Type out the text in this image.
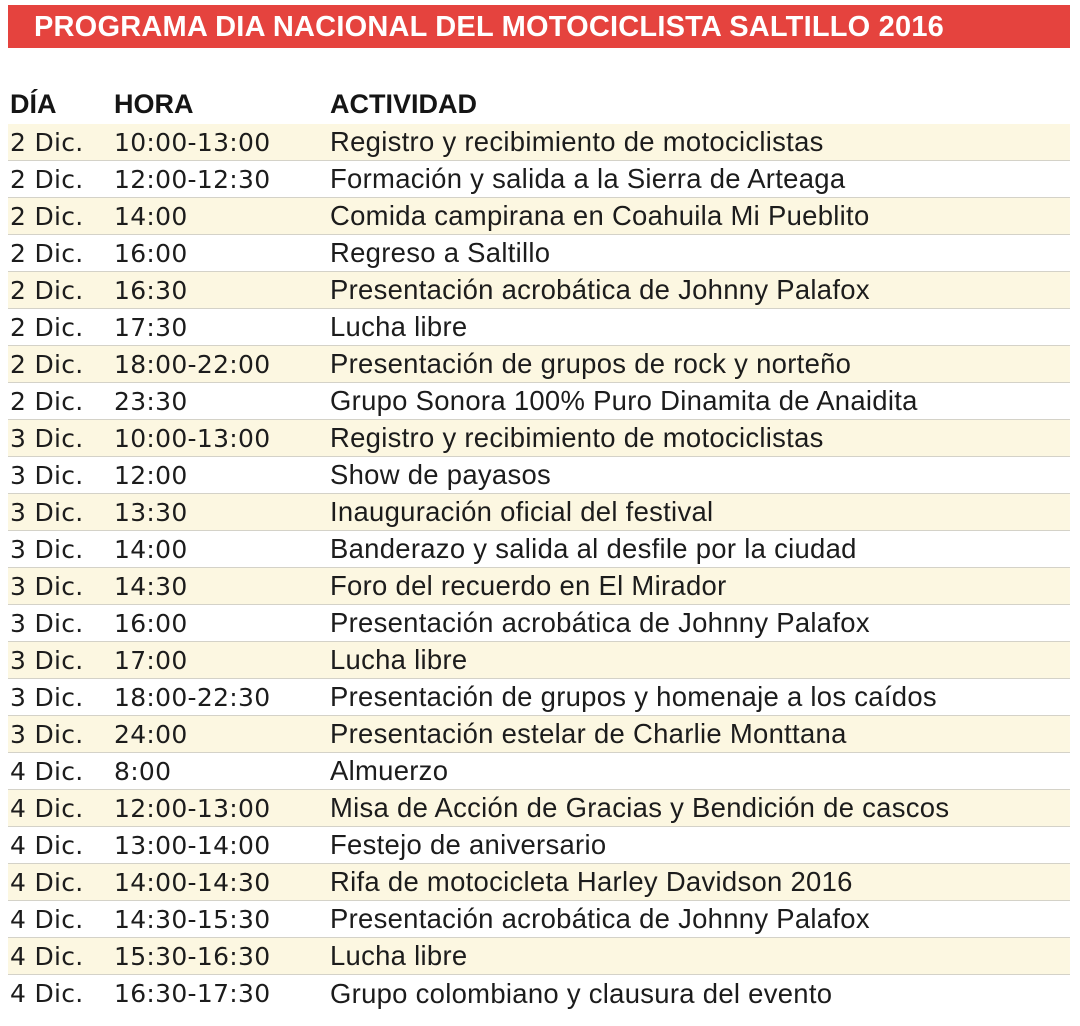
PROGRAMA DIA NACIONAL DEL MOTOCICLISTA SALTILLO 2016
DÍA	HORA	ACTIVIDAD
2 Dic.	10:00-13:00	Registro y recibimiento de motociclistas
2 Dic.	12:00-12:30	Formación y salida a la Sierra de Arteaga
2 Dic.	14:00	Comida campirana en Coahuila Mi Pueblito
2 Dic.	16:00	Regreso a Saltillo
2 Dic.	16:30	Presentación acrobática de Johnny Palafox
2 Dic.	17:30	Lucha libre
2 Dic.	18:00-22:00	Presentación de grupos de rock y norteño
2 Dic.	23:30	Grupo Sonora 100% Puro Dinamita de Anaidita
3 Dic.	10:00-13:00	Registro y recibimiento de motociclistas
3 Dic.	12:00	Show de payasos
3 Dic.	13:30	Inauguración oficial del festival
3 Dic.	14:00	Banderazo y salida al desfile por la ciudad
3 Dic.	14:30	Foro del recuerdo en El Mirador
3 Dic.	16:00	Presentación acrobática de Johnny Palafox
3 Dic.	17:00	Lucha libre
3 Dic.	18:00-22:30	Presentación de grupos y homenaje a los caídos
3 Dic.	24:00	Presentación estelar de Charlie Monttana
4 Dic.	8:00	Almuerzo
4 Dic.	12:00-13:00	Misa de Acción de Gracias y Bendición de cascos
4 Dic.	13:00-14:00	Festejo de aniversario
4 Dic.	14:00-14:30	Rifa de motocicleta Harley Davidson 2016
4 Dic.	14:30-15:30	Presentación acrobática de Johnny Palafox
4 Dic.	15:30-16:30	Lucha libre
4 Dic.	16:30-17:30	Grupo colombiano y clausura del evento
